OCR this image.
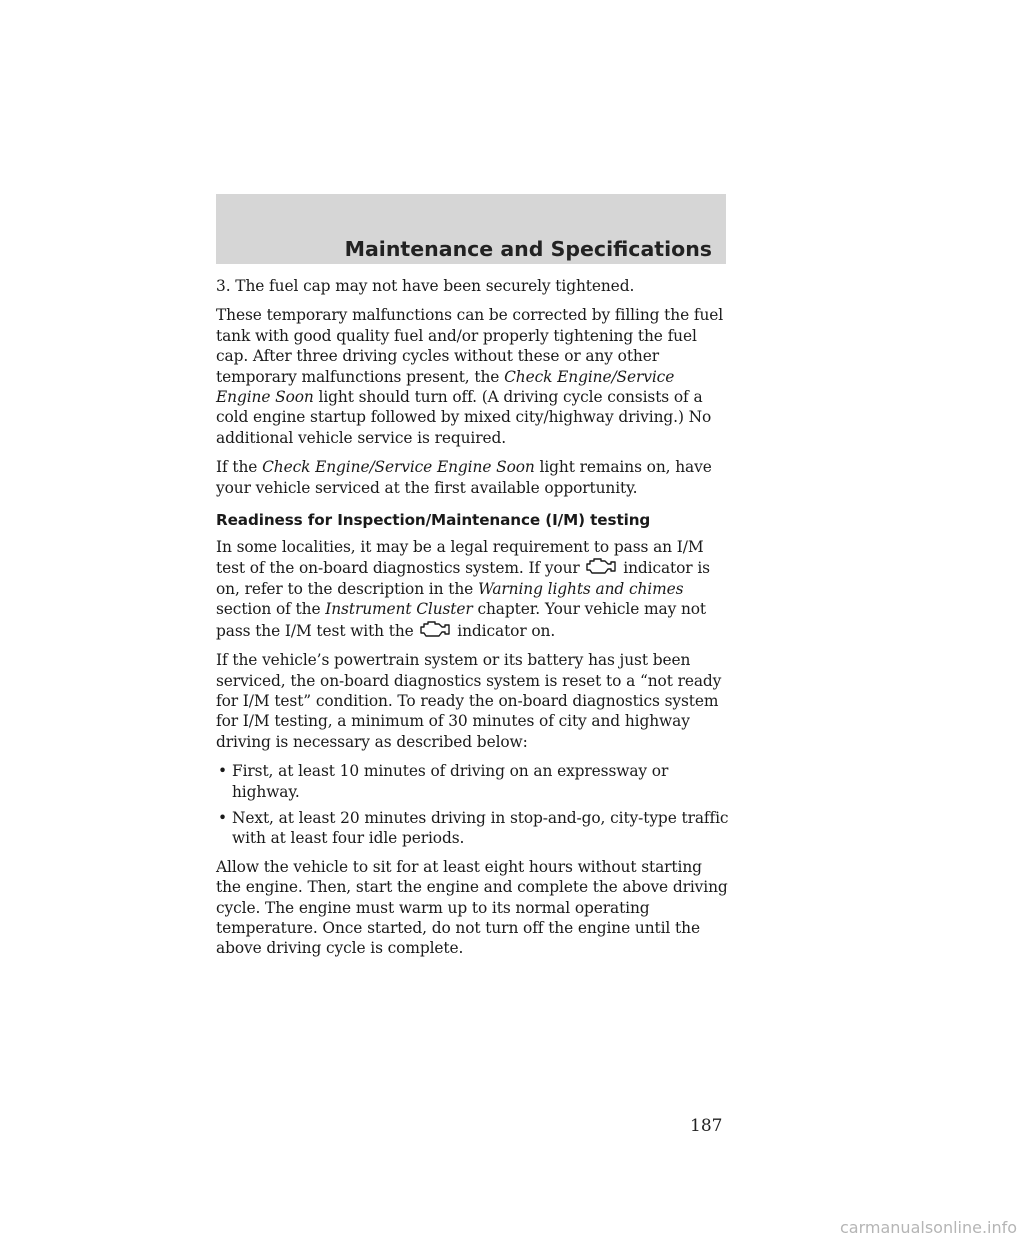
Maintenance and Specifications

3. The fuel cap may not have been securely tightened.

These temporary malfunctions can be corrected by filling the fuel tank with good quality fuel and/or properly tightening the fuel cap. After three driving cycles without these or any other temporary malfunctions present, the Check Engine/Service Engine Soon light should turn off. (A driving cycle consists of a cold engine startup followed by mixed city/highway driving.) No additional vehicle service is required.

If the Check Engine/Service Engine Soon light remains on, have your vehicle serviced at the first available opportunity.

Readiness for Inspection/Maintenance (I/M) testing

In some localities, it may be a legal requirement to pass an I/M test of the on-board diagnostics system. If your  indicator is on, refer to the description in the Warning lights and chimes section of the Instrument Cluster chapter. Your vehicle may not pass the I/M test with the  indicator on.

If the vehicle’s powertrain system or its battery has just been serviced, the on-board diagnostics system is reset to a “not ready for I/M test” condition. To ready the on-board diagnostics system for I/M testing, a minimum of 30 minutes of city and highway driving is necessary as described below:

• First, at least 10 minutes of driving on an expressway or highway.
• Next, at least 20 minutes driving in stop-and-go, city-type traffic with at least four idle periods.

Allow the vehicle to sit for at least eight hours without starting the engine. Then, start the engine and complete the above driving cycle. The engine must warm up to its normal operating temperature. Once started, do not turn off the engine until the above driving cycle is complete.

187
carmanualsonline.info
